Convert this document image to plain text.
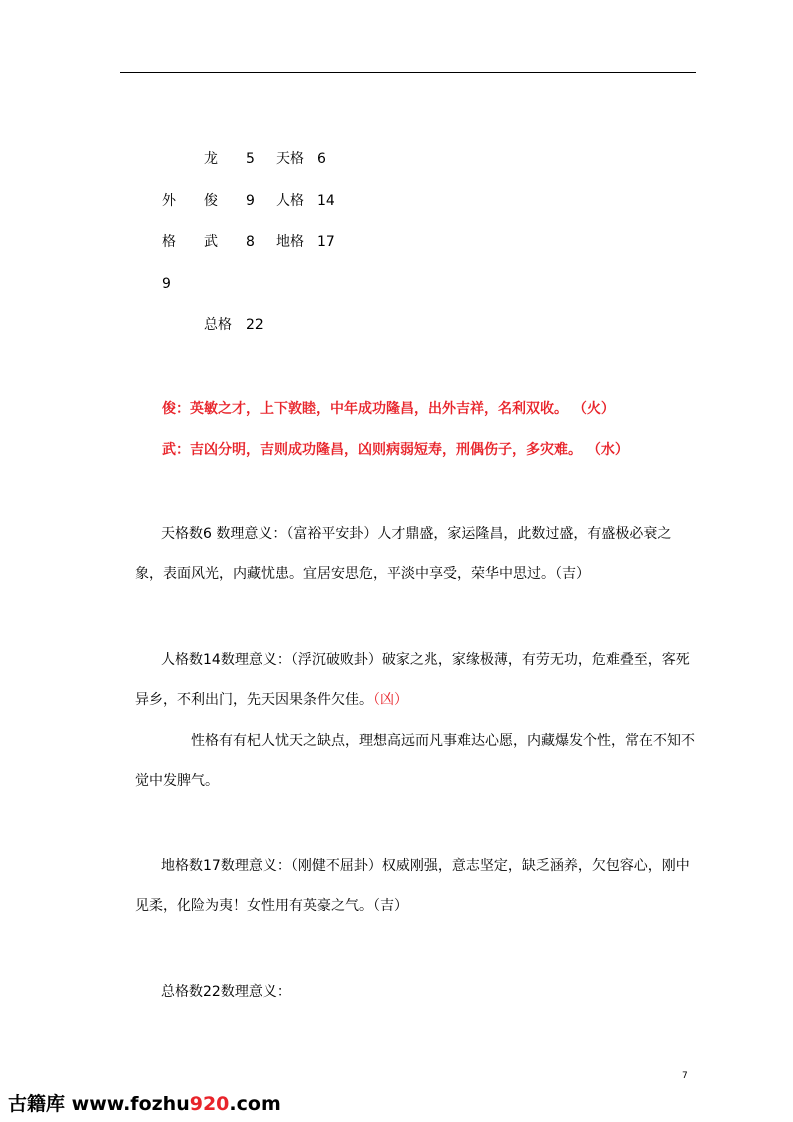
龙 5 天格 6
外 俊 9 人格 14
格 武 8 地格 17
9
总格 22
俊：英敏之才，上下敦睦，中年成功隆昌，出外吉祥，名利双收。 （火）
武：吉凶分明，吉则成功隆昌，凶则病弱短寿，刑偶伤子，多灾难。 （水）
天格数6 数理意义：（富裕平安卦）人才鼎盛，家运隆昌，此数过盛，有盛极必衰之象，表面风光，内藏忧患。宜居安思危，平淡中享受，荣华中思过。（吉）
人格数14数理意义：（浮沉破败卦）破家之兆，家缘极薄，有劳无功，危难叠至，客死异乡，不利出门，先天因果条件欠佳。（凶）
性格有有杞人忧天之缺点，理想高远而凡事难达心愿，内藏爆发个性，常在不知不觉中发脾气。
地格数17数理意义：（刚健不屈卦）权威刚强，意志坚定，缺乏涵养，欠包容心，刚中见柔，化险为夷！女性用有英豪之气。（吉）
总格数22数理意义：
7
古籍库 www.fozhu920.com
